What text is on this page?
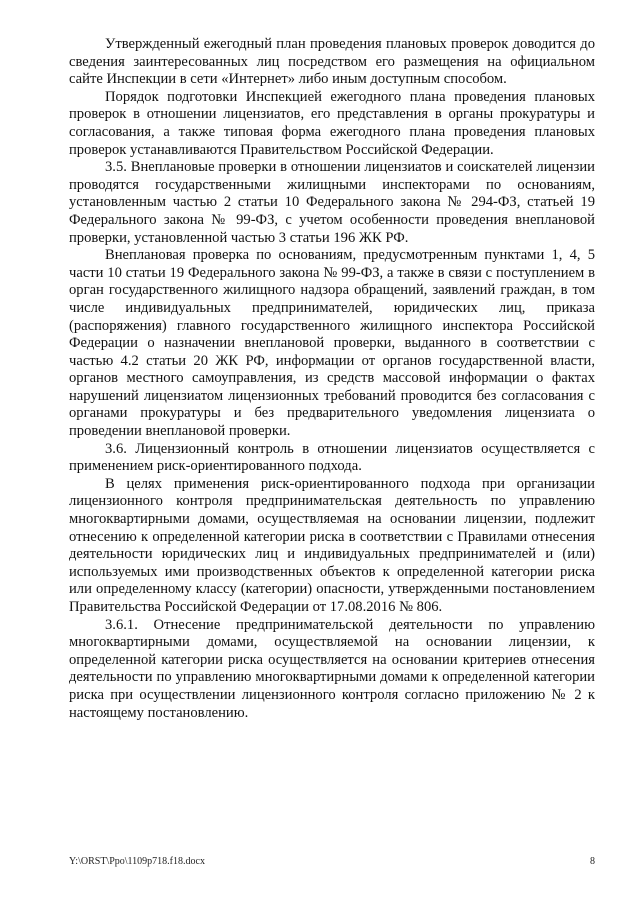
Утвержденный ежегодный план проведения плановых проверок доводится до сведения заинтересованных лиц посредством его размещения на официальном сайте Инспекции в сети «Интернет» либо иным доступным способом.

Порядок подготовки Инспекцией ежегодного плана проведения плановых проверок в отношении лицензиатов, его представления в органы прокуратуры и согласования, а также типовая форма ежегодного плана проведения плановых проверок устанавливаются Правительством Российской Федерации.

3.5. Внеплановые проверки в отношении лицензиатов и соискателей лицензии проводятся государственными жилищными инспекторами по основаниям, установленным частью 2 статьи 10 Федерального закона № 294-ФЗ, статьей 19 Федерального закона № 99-ФЗ, с учетом особенности проведения внеплановой проверки, установленной частью 3 статьи 196 ЖК РФ.

Внеплановая проверка по основаниям, предусмотренным пунктами 1, 4, 5 части 10 статьи 19 Федерального закона № 99-ФЗ, а также в связи с поступлением в орган государственного жилищного надзора обращений, заявлений граждан, в том числе индивидуальных предпринимателей, юридических лиц, приказа (распоряжения) главного государственного жилищного инспектора Российской Федерации о назначении внеплановой проверки, выданного в соответствии с частью 4.2 статьи 20 ЖК РФ, информации от органов государственной власти, органов местного самоуправления, из средств массовой информации о фактах нарушений лицензиатом лицензионных требований проводится без согласования с органами прокуратуры и без предварительного уведомления лицензиата о проведении внеплановой проверки.

3.6. Лицензионный контроль в отношении лицензиатов осуществляется с применением риск-ориентированного подхода.

В целях применения риск-ориентированного подхода при организации лицензионного контроля предпринимательская деятельность по управлению многоквартирными домами, осуществляемая на основании лицензии, подлежит отнесению к определенной категории риска в соответствии с Правилами отнесения деятельности юридических лиц и индивидуальных предпринимателей и (или) используемых ими производственных объектов к определенной категории риска или определенному классу (категории) опасности, утвержденными постановлением Правительства Российской Федерации от 17.08.2016 № 806.

3.6.1. Отнесение предпринимательской деятельности по управлению многоквартирными домами, осуществляемой на основании лицензии, к определенной категории риска осуществляется на основании критериев отнесения деятельности по управлению многоквартирными домами к определенной категории риска при осуществлении лицензионного контроля согласно приложению № 2 к настоящему постановлению.

Y:\ORST\Ppo\1109p718.f18.docx	8
